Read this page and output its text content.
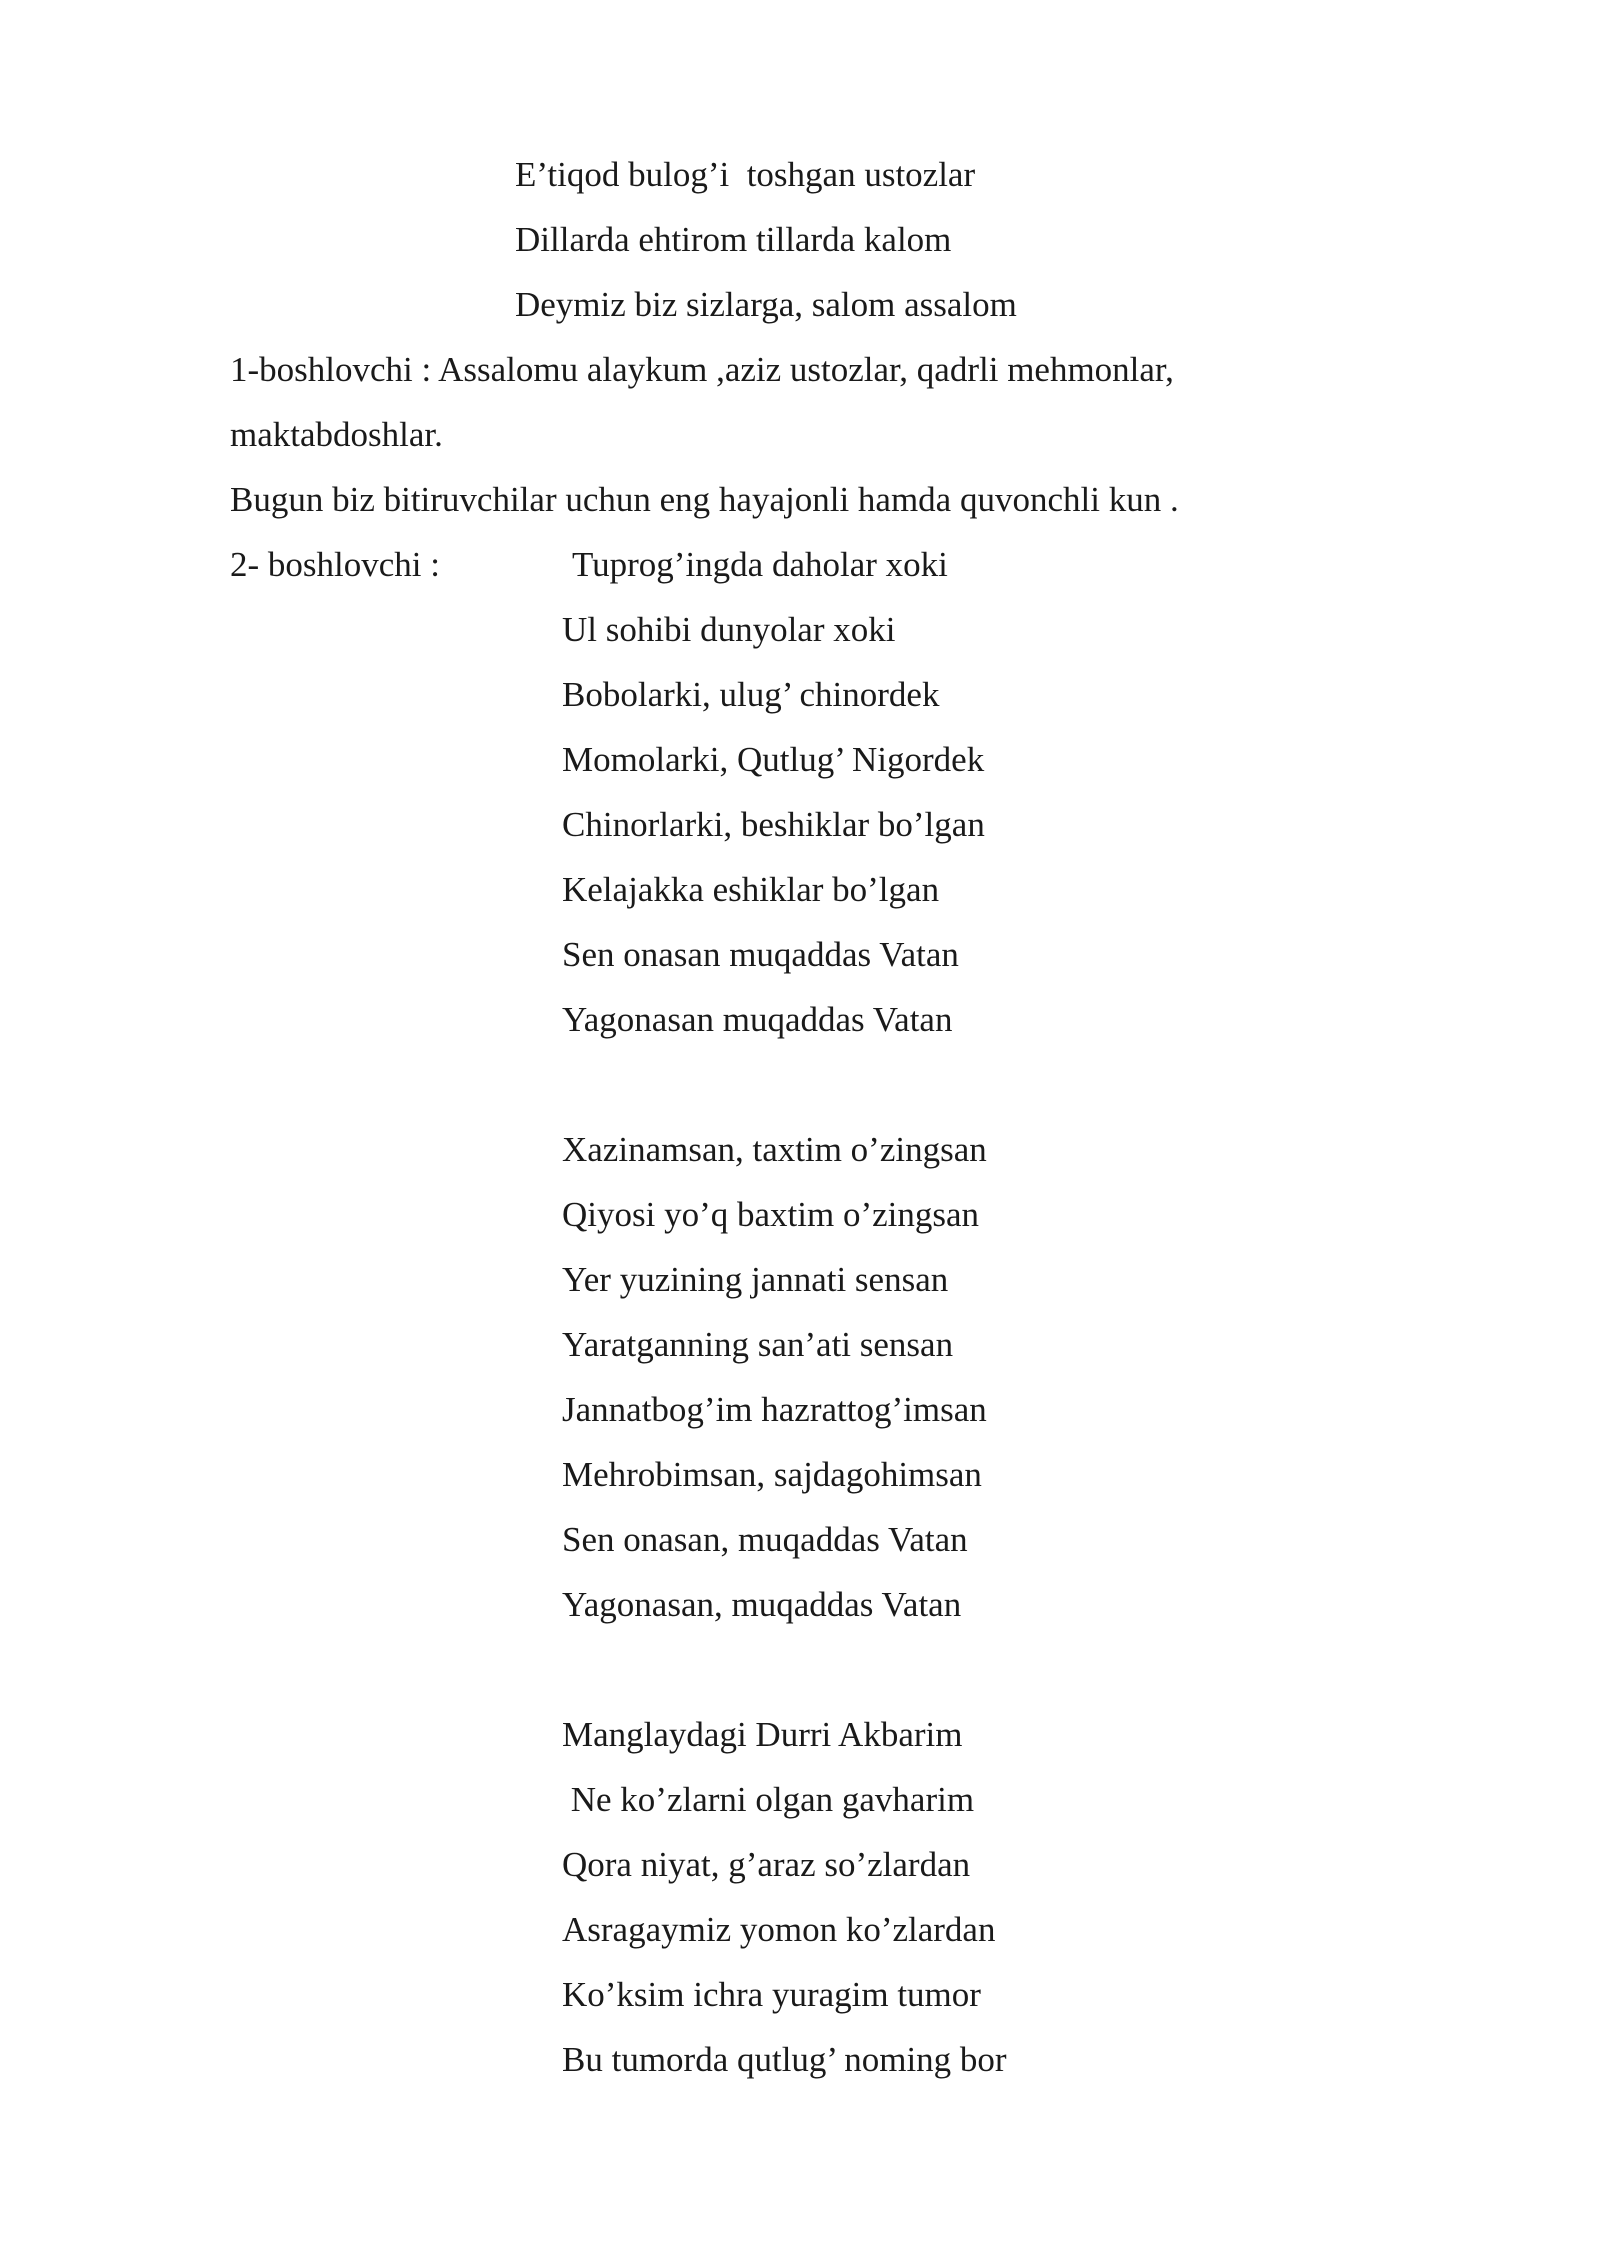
E’tiqod bulog’i  toshgan ustozlar

Dillarda ehtirom tillarda kalom

Deymiz biz sizlarga, salom assalom

1-boshlovchi : Assalomu alaykum ,aziz ustozlar, qadrli mehmonlar,

maktabdoshlar.

Bugun biz bitiruvchilar uchun eng hayajonli hamda quvonchli kun .

2- boshlovchi :	Tuprog’ingda daholar xoki

Ul sohibi dunyolar xoki

Bobolarki, ulug’ chinordek

Momolarki, Qutlug’ Nigordek

Chinorlarki, beshiklar bo’lgan

Kelajakka eshiklar bo’lgan

Sen onasan muqaddas Vatan

Yagonasan muqaddas Vatan

Xazinamsan, taxtim o’zingsan

Qiyosi yo’q baxtim o’zingsan

Yer yuzining jannati sensan

Yaratganning san’ati sensan

Jannatbog’im hazrattog’imsan

Mehrobimsan, sajdagohimsan

Sen onasan, muqaddas Vatan

Yagonasan, muqaddas Vatan

Manglaydagi Durri Akbarim

Ne ko’zlarni olgan gavharim

Qora niyat, g’araz so’zlardan

Asragaymiz yomon ko’zlardan

Ko’ksim ichra yuragim tumor

Bu tumorda qutlug’ noming bor
